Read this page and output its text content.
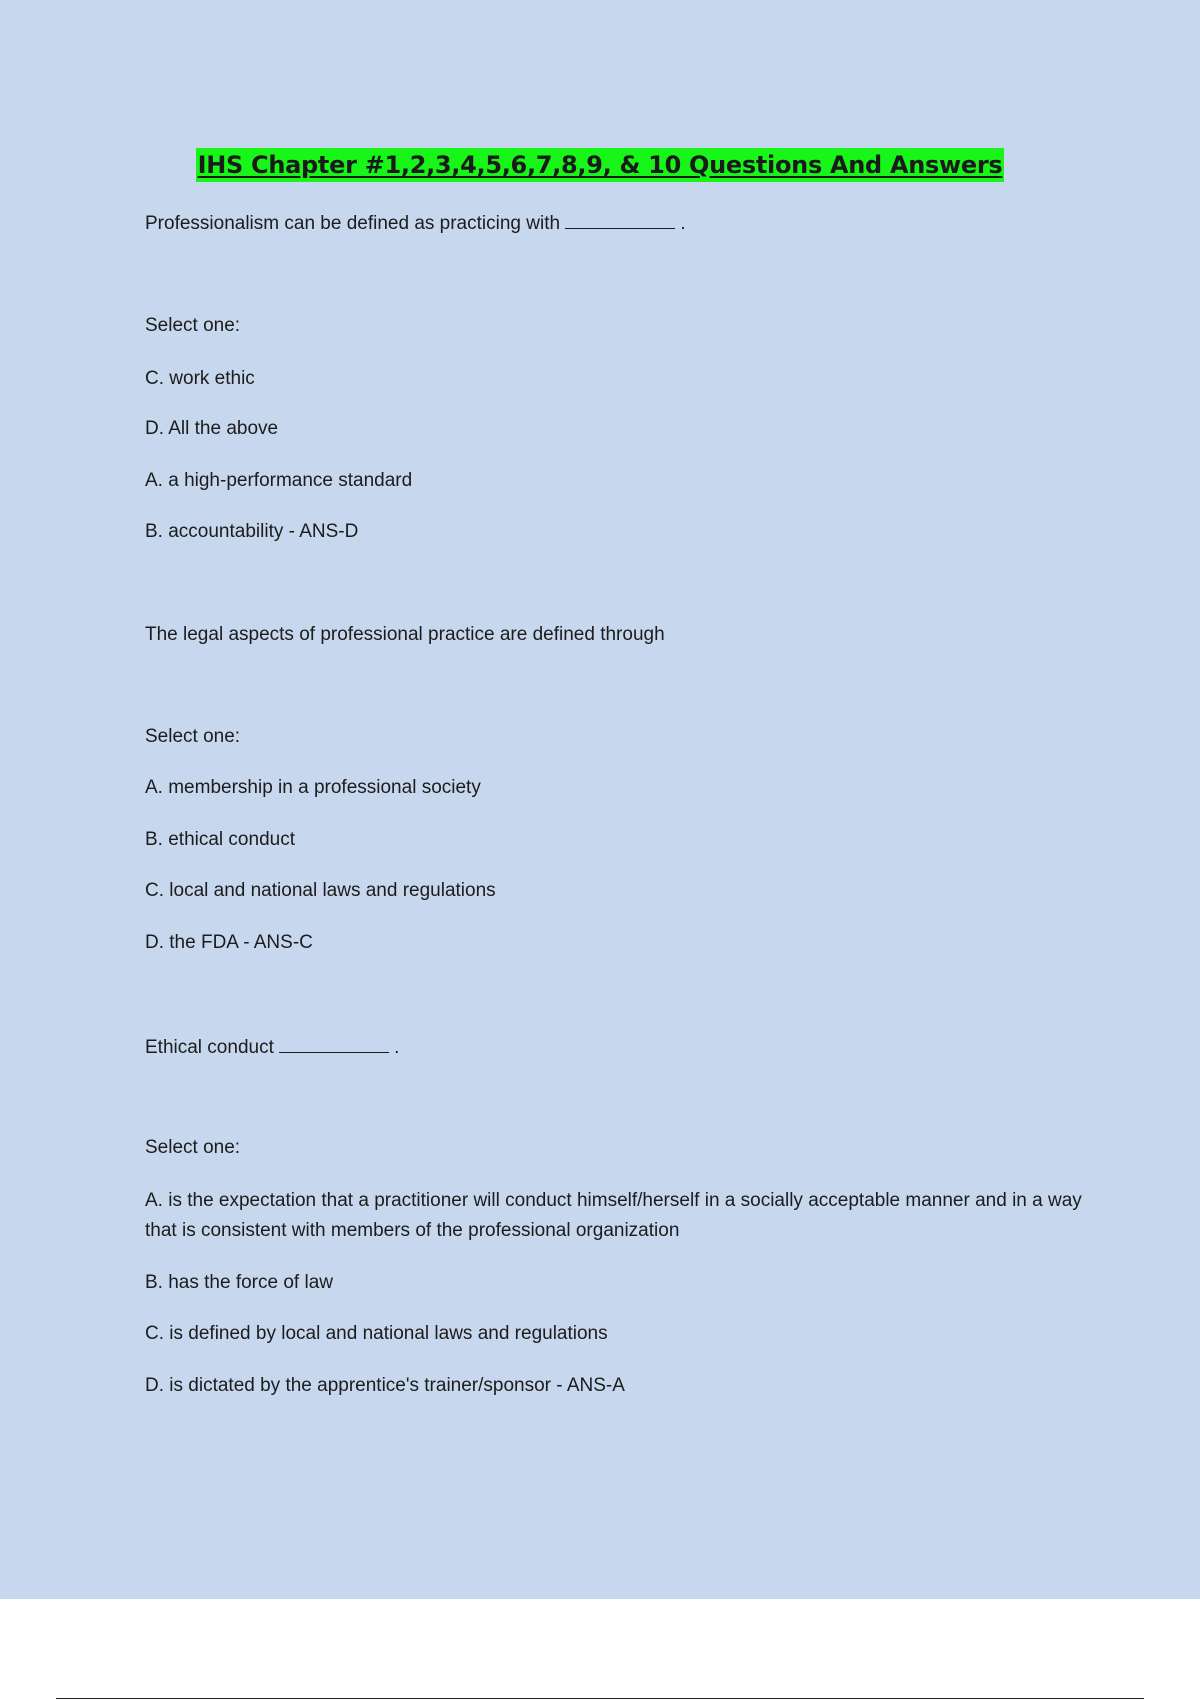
IHS Chapter #1,2,3,4,5,6,7,8,9, & 10 Questions And Answers
Professionalism can be defined as practicing with	.
Select one:
C. work ethic
D. All the above
A. a high-performance standard
B. accountability - ANS-D
The legal aspects of professional practice are defined through
Select one:
A. membership in a professional society
B. ethical conduct
C. local and national laws and regulations
D. the FDA - ANS-C
Ethical conduct	.
Select one:
A. is the expectation that a practitioner will conduct himself/herself in a socially acceptable manner and in a way that is consistent with members of the professional organization
B. has the force of law
C. is defined by local and national laws and regulations
D. is dictated by the apprentice's trainer/sponsor - ANS-A
